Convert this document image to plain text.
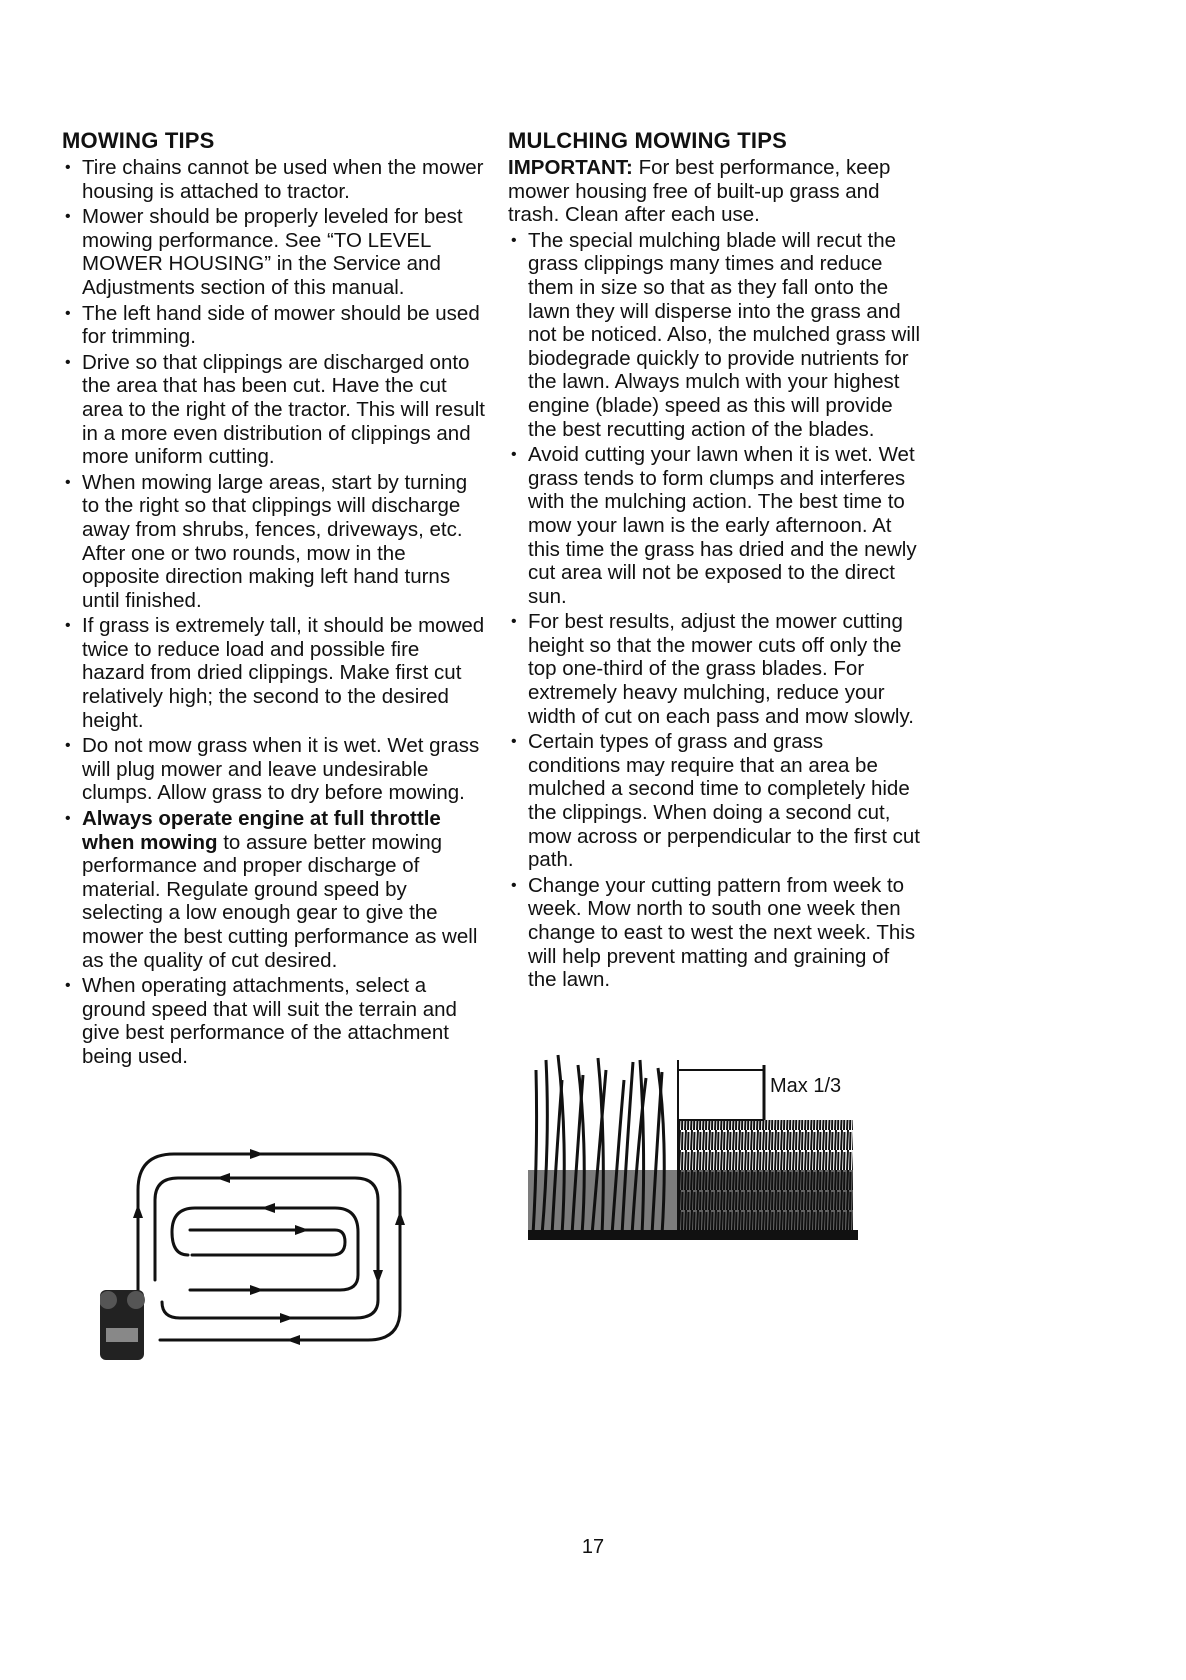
MOWING TIPS
• Tire chains cannot be used when the mower housing is attached to tractor.
• Mower should be properly leveled for best mowing performance. See “TO LEVEL MOWER HOUSING” in the Service and Adjustments section of this manual.
• The left hand side of mower should be used for trimming.
• Drive so that clippings are discharged onto the area that has been cut. Have the cut area to the right of the tractor. This will result in a more even distribution of clippings and more uniform cutting.
• When mowing large areas, start by turning to the right so that clippings will discharge away from shrubs, fences, driveways, etc. After one or two rounds, mow in the opposite direction making left hand turns until finished.
• If grass is extremely tall, it should be mowed twice to reduce load and possible fire hazard from dried clippings. Make first cut relatively high; the second to the desired height.
• Do not mow grass when it is wet. Wet grass will plug mower and leave undesirable clumps. Allow grass to dry before mowing.
• Always operate engine at full throttle when mowing to assure better mowing performance and proper discharge of material. Regulate ground speed by selecting a low enough gear to give the mower the best cutting performance as well as the quality of cut desired.
• When operating attachments, select a ground speed that will suit the terrain and give best performance of the attachment being used.
MULCHING MOWING TIPS
IMPORTANT: For best performance, keep mower housing free of built-up grass and trash. Clean after each use.
• The special mulching blade will recut the grass clippings many times and reduce them in size so that as they fall onto the lawn they will disperse into the grass and not be noticed. Also, the mulched grass will biodegrade quickly to provide nutrients for the lawn. Always mulch with your highest engine (blade) speed as this will provide the best recutting action of the blades.
• Avoid cutting your lawn when it is wet. Wet grass tends to form clumps and interferes with the mulching action. The best time to mow your lawn is the early afternoon. At this time the grass has dried and the newly cut area will not be exposed to the direct sun.
• For best results, adjust the mower cutting height so that the mower cuts off only the top one-third of the grass blades. For extremely heavy mulching, reduce your width of cut on each pass and mow slowly.
• Certain types of grass and grass conditions may require that an area be mulched a second time to completely hide the clippings. When doing a second cut, mow across or perpendicular to the first cut path.
• Change your cutting pattern from week to week. Mow north to south one week then change to east to west the next week. This will help prevent matting and graining of the lawn.
Max 1/3
17
